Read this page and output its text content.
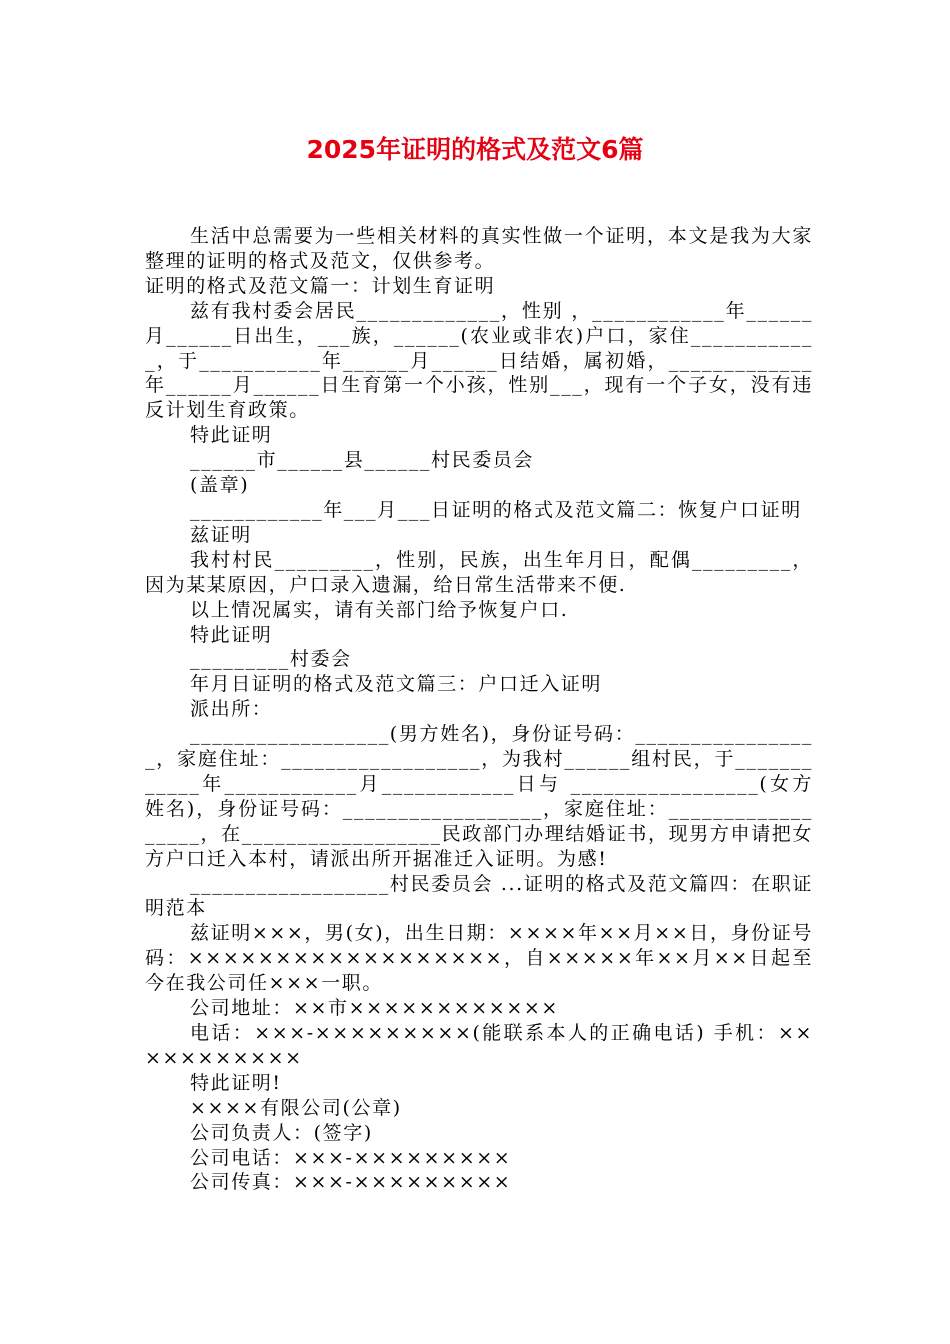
2025年证明的格式及范文6篇

生活中总需要为一些相关材料的真实性做一个证明，本文是我为大家整理的证明的格式及范文，仅供参考。

证明的格式及范文篇一：计划生育证明

兹有我村委会居民_____________，性别 ，____________年______月______日出生，___族，______(农业或非农)户口，家住____________，于___________年______月______日结婚，属初婚，_____________年______月______日生育第一个小孩，性别___，现有一个子女，没有违反计划生育政策。

特此证明

______市______县______村民委员会

(盖章)

____________年___月___日证明的格式及范文篇二：恢复户口证明

兹证明

我村村民_________，性别，民族，出生年月日，配偶_________，因为某某原因，户口录入遗漏，给日常生活带来不便.

以上情况属实，请有关部门给予恢复户口.

特此证明

_________村委会

年月日证明的格式及范文篇三：户口迁入证明

派出所：

__________________(男方姓名)，身份证号码：_________________，家庭住址：__________________，为我村______组村民，于____________年____________月____________日与 _________________(女方姓名)，身份证号码：__________________，家庭住址：__________________，在__________________民政部门办理结婚证书，现男方申请把女方户口迁入本村，请派出所开据准迁入证明。为感!

__________________村民委员会 ...证明的格式及范文篇四：在职证明范本

兹证明×××，男(女)，出生日期：××××年××月××日，身份证号码：××××××××××××××××××，自×××××年××月××日起至今在我公司任×××一职。

公司地址：××市××××××××××××

电话：×××-×××××××××(能联系本人的正确电话) 手机：×××××××××××

特此证明!

××××有限公司(公章)

公司负责人：(签字)

公司电话：×××-×××××××××

公司传真：×××-×××××××××
